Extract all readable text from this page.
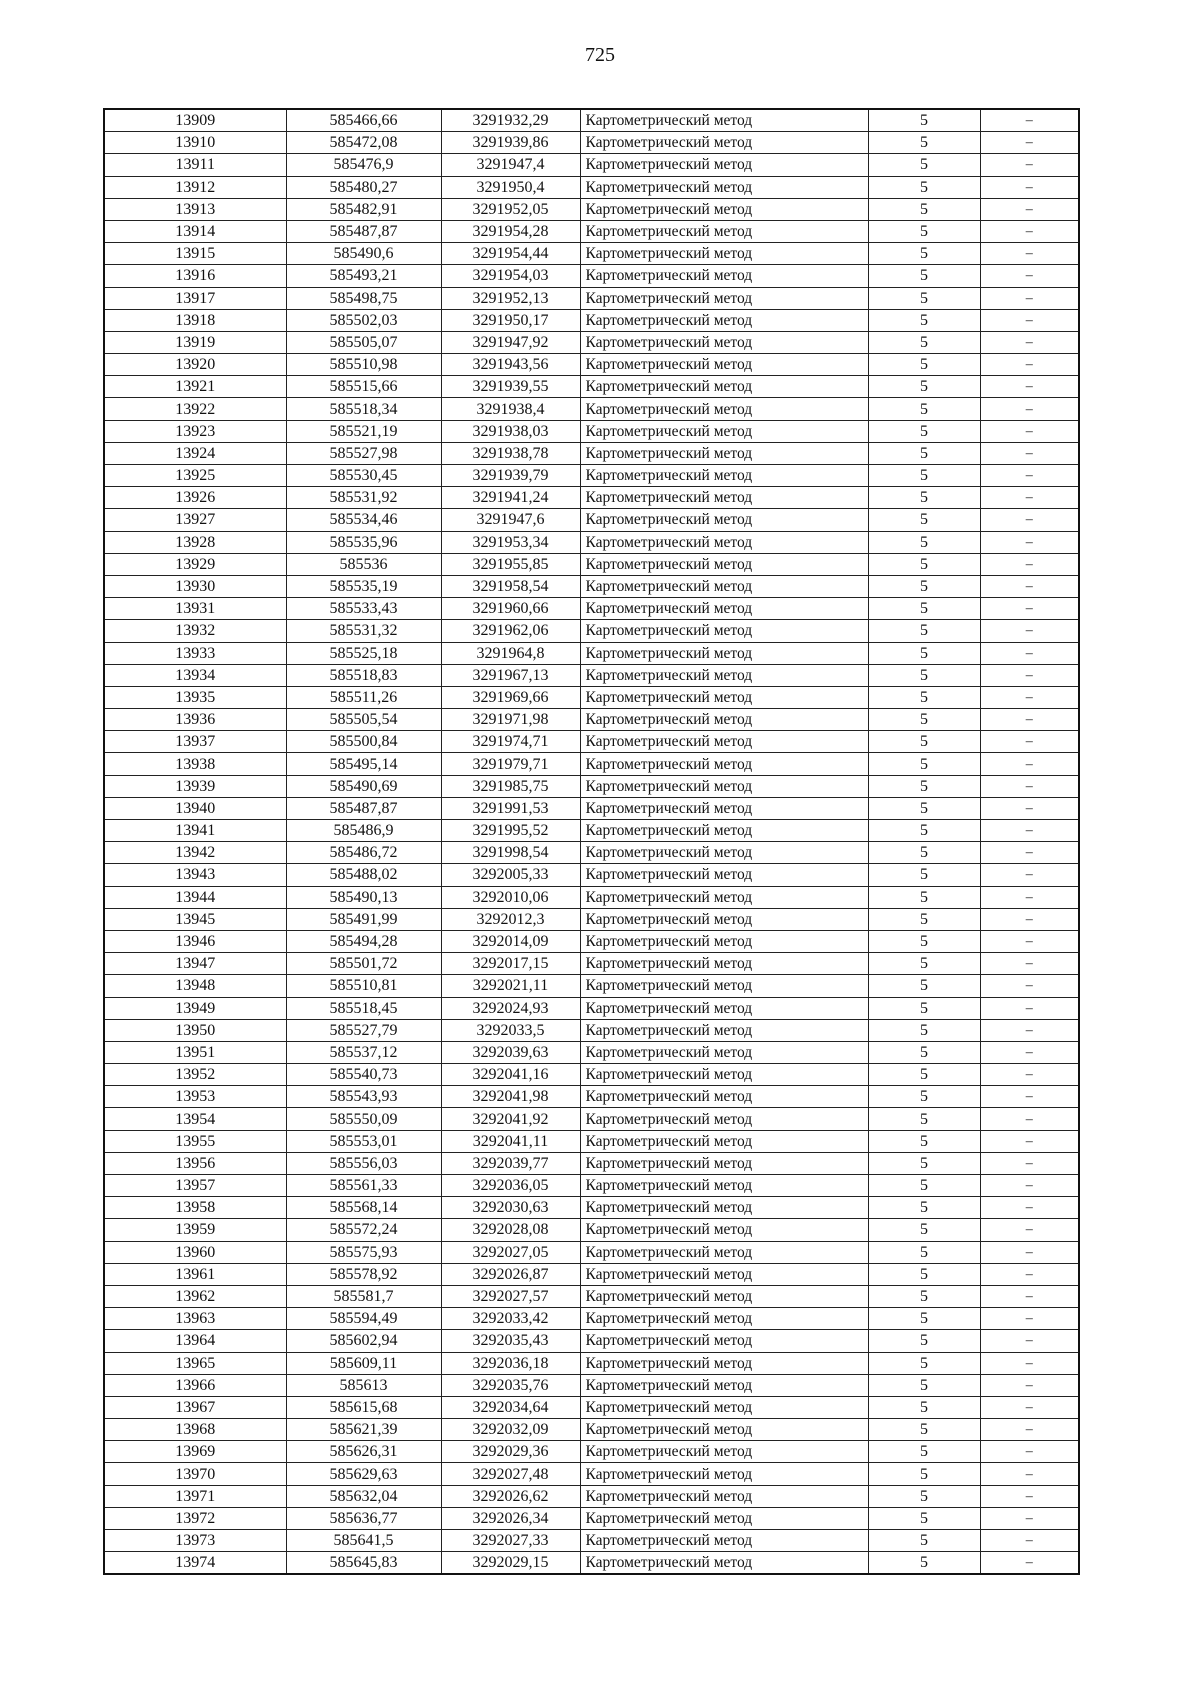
725
13909	585466,66	3291932,29	Картометрический метод	5	–
13910	585472,08	3291939,86	Картометрический метод	5	–
13911	585476,9	3291947,4	Картометрический метод	5	–
13912	585480,27	3291950,4	Картометрический метод	5	–
13913	585482,91	3291952,05	Картометрический метод	5	–
13914	585487,87	3291954,28	Картометрический метод	5	–
13915	585490,6	3291954,44	Картометрический метод	5	–
13916	585493,21	3291954,03	Картометрический метод	5	–
13917	585498,75	3291952,13	Картометрический метод	5	–
13918	585502,03	3291950,17	Картометрический метод	5	–
13919	585505,07	3291947,92	Картометрический метод	5	–
13920	585510,98	3291943,56	Картометрический метод	5	–
13921	585515,66	3291939,55	Картометрический метод	5	–
13922	585518,34	3291938,4	Картометрический метод	5	–
13923	585521,19	3291938,03	Картометрический метод	5	–
13924	585527,98	3291938,78	Картометрический метод	5	–
13925	585530,45	3291939,79	Картометрический метод	5	–
13926	585531,92	3291941,24	Картометрический метод	5	–
13927	585534,46	3291947,6	Картометрический метод	5	–
13928	585535,96	3291953,34	Картометрический метод	5	–
13929	585536	3291955,85	Картометрический метод	5	–
13930	585535,19	3291958,54	Картометрический метод	5	–
13931	585533,43	3291960,66	Картометрический метод	5	–
13932	585531,32	3291962,06	Картометрический метод	5	–
13933	585525,18	3291964,8	Картометрический метод	5	–
13934	585518,83	3291967,13	Картометрический метод	5	–
13935	585511,26	3291969,66	Картометрический метод	5	–
13936	585505,54	3291971,98	Картометрический метод	5	–
13937	585500,84	3291974,71	Картометрический метод	5	–
13938	585495,14	3291979,71	Картометрический метод	5	–
13939	585490,69	3291985,75	Картометрический метод	5	–
13940	585487,87	3291991,53	Картометрический метод	5	–
13941	585486,9	3291995,52	Картометрический метод	5	–
13942	585486,72	3291998,54	Картометрический метод	5	–
13943	585488,02	3292005,33	Картометрический метод	5	–
13944	585490,13	3292010,06	Картометрический метод	5	–
13945	585491,99	3292012,3	Картометрический метод	5	–
13946	585494,28	3292014,09	Картометрический метод	5	–
13947	585501,72	3292017,15	Картометрический метод	5	–
13948	585510,81	3292021,11	Картометрический метод	5	–
13949	585518,45	3292024,93	Картометрический метод	5	–
13950	585527,79	3292033,5	Картометрический метод	5	–
13951	585537,12	3292039,63	Картометрический метод	5	–
13952	585540,73	3292041,16	Картометрический метод	5	–
13953	585543,93	3292041,98	Картометрический метод	5	–
13954	585550,09	3292041,92	Картометрический метод	5	–
13955	585553,01	3292041,11	Картометрический метод	5	–
13956	585556,03	3292039,77	Картометрический метод	5	–
13957	585561,33	3292036,05	Картометрический метод	5	–
13958	585568,14	3292030,63	Картометрический метод	5	–
13959	585572,24	3292028,08	Картометрический метод	5	–
13960	585575,93	3292027,05	Картометрический метод	5	–
13961	585578,92	3292026,87	Картометрический метод	5	–
13962	585581,7	3292027,57	Картометрический метод	5	–
13963	585594,49	3292033,42	Картометрический метод	5	–
13964	585602,94	3292035,43	Картометрический метод	5	–
13965	585609,11	3292036,18	Картометрический метод	5	–
13966	585613	3292035,76	Картометрический метод	5	–
13967	585615,68	3292034,64	Картометрический метод	5	–
13968	585621,39	3292032,09	Картометрический метод	5	–
13969	585626,31	3292029,36	Картометрический метод	5	–
13970	585629,63	3292027,48	Картометрический метод	5	–
13971	585632,04	3292026,62	Картометрический метод	5	–
13972	585636,77	3292026,34	Картометрический метод	5	–
13973	585641,5	3292027,33	Картометрический метод	5	–
13974	585645,83	3292029,15	Картометрический метод	5	–
